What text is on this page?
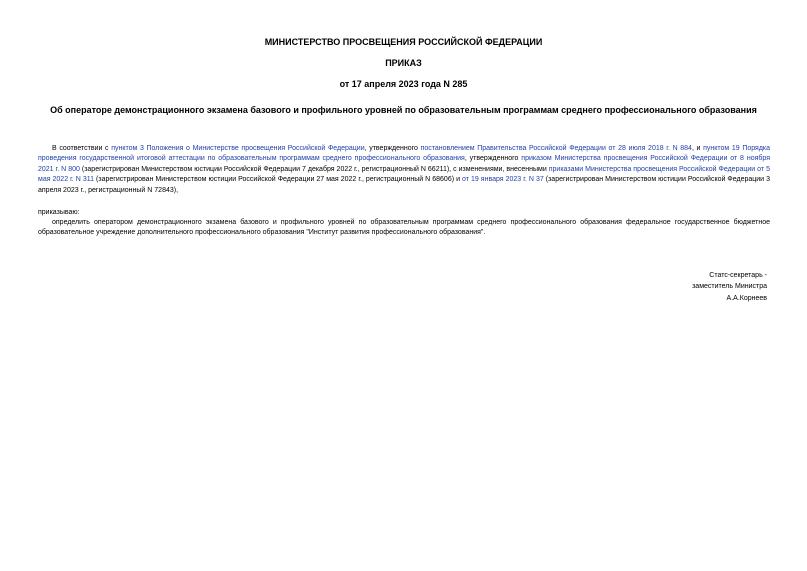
МИНИСТЕРСТВО ПРОСВЕЩЕНИЯ РОССИЙСКОЙ ФЕДЕРАЦИИ
ПРИКАЗ
от 17 апреля 2023 года N 285
Об операторе демонстрационного экзамена базового и профильного уровней по образовательным программам среднего профессионального образования
В соответствии с пунктом 3 Положения о Министерстве просвещения Российской Федерации, утвержденного постановлением Правительства Российской Федерации от 28 июля 2018 г. N 884, и пунктом 19 Порядка проведения государственной итоговой аттестации по образовательным программам среднего профессионального образования, утвержденного приказом Министерства просвещения Российской Федерации от 8 ноября 2021 г. N 800 (зарегистрирован Министерством юстиции Российской Федерации 7 декабря 2022 г., регистрационный N 66211), с изменениями, внесенными приказами Министерства просвещения Российской Федерации от 5 мая 2022 г. N 311 (зарегистрирован Министерством юстиции Российской Федерации 27 мая 2022 г., регистрационный N 68606) и от 19 января 2023 г. N 37 (зарегистрирован Министерством юстиции Российской Федерации 3 апреля 2023 г., регистрационный N 72843),
приказываю:
определить оператором демонстрационного экзамена базового и профильного уровней по образовательным программам среднего профессионального образования федеральное государственное бюджетное образовательное учреждение дополнительного профессионального образования "Институт развития профессионального образования".
Статс-секретарь -
заместитель Министра
А.А.Корнеев
